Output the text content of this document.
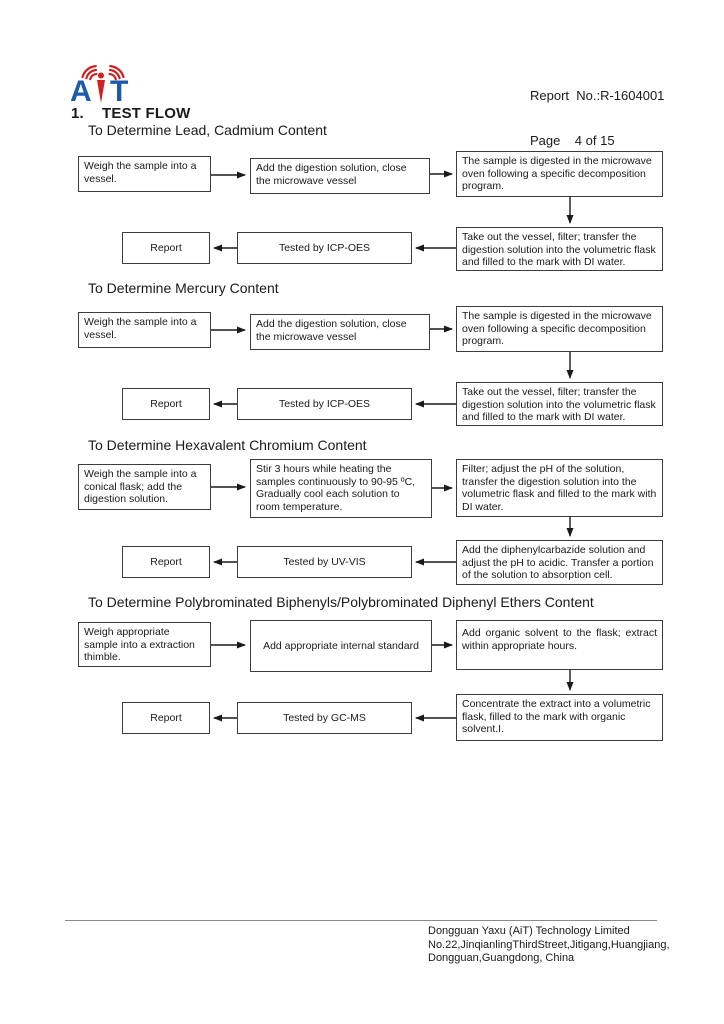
A T

	Report  No.:R-1604001

Page    4 of 15

1. TEST FLOW
To Determine Lead, Cadmium Content
Weigh the sample into a vessel.
Add the digestion solution, close the microwave vessel
The sample is digested in the microwave oven following a specific decomposition program.
Take out the vessel, filter; transfer the digestion solution into the volumetric flask and filled to the mark with DI water.
Tested by ICP-OES
Report
To Determine Mercury Content
Weigh the sample into a vessel.
Add the digestion solution, close the microwave vessel
The sample is digested in the microwave oven following a specific decomposition program.
Take out the vessel, filter; transfer the digestion solution into the volumetric flask and filled to the mark with DI water.
Tested by ICP-OES
Report
To Determine Hexavalent Chromium Content
Weigh the sample into a conical flask; add the digestion solution.
Stir 3 hours while heating the samples continuously to 90-95 ºC, Gradually cool each solution to room temperature.
Filter; adjust the pH of the solution, transfer the digestion solution into the volumetric flask and filled to the mark with DI water.
Add the diphenylcarbazide solution and adjust the pH to acidic. Transfer a portion of the solution to absorption cell.
Tested by UV-VIS
Report
To Determine Polybrominated Biphenyls/Polybrominated Diphenyl Ethers Content
Weigh appropriate sample into a extraction thimble.
Add appropriate internal standard
Add organic solvent to the flask; extract within appropriate hours.
Concentrate the extract into a volumetric flask, filled to the mark with organic solvent.I.
Tested by GC-MS
Report
Dongguan Yaxu (AiT) Technology Limited
No.22,JinqianlingThirdStreet,Jitigang,Huangjiang,
Dongguan,Guangdong, China
